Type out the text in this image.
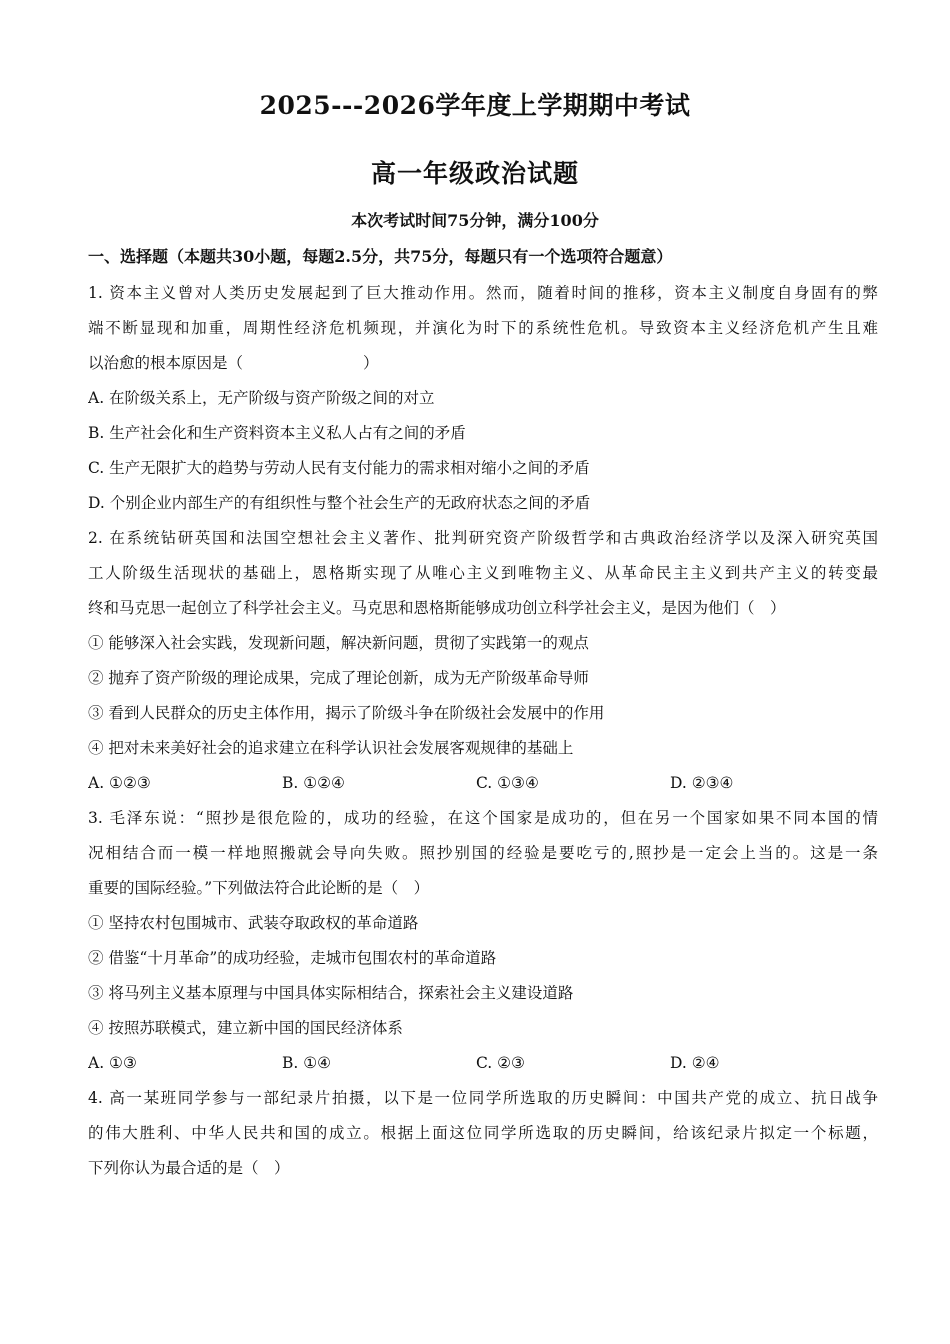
2025---2026学年度上学期期中考试
高一年级政治试题
本次考试时间75分钟，满分100分
一、选择题（本题共30小题，每题2.5分，共75分，每题只有一个选项符合题意）
1. 资本主义曾对人类历史发展起到了巨大推动作用。然而，随着时间的推移，资本主义制度自身固有的弊
端不断显现和加重，周期性经济危机频现，并演化为时下的系统性危机。导致资本主义经济危机产生且难
以治愈的根本原因是（	）
A. 在阶级关系上，无产阶级与资产阶级之间的对立
B. 生产社会化和生产资料资本主义私人占有之间的矛盾
C. 生产无限扩大的趋势与劳动人民有支付能力的需求相对缩小之间的矛盾
D. 个别企业内部生产的有组织性与整个社会生产的无政府状态之间的矛盾
2. 在系统钻研英国和法国空想社会主义著作、批判研究资产阶级哲学和古典政治经济学以及深入研究英国
工人阶级生活现状的基础上，恩格斯实现了从唯心主义到唯物主义、从革命民主主义到共产主义的转变最
终和马克思一起创立了科学社会主义。马克思和恩格斯能够成功创立科学社会主义，是因为他们（　）
① 能够深入社会实践，发现新问题，解决新问题，贯彻了实践第一的观点
② 抛弃了资产阶级的理论成果，完成了理论创新，成为无产阶级革命导师
③ 看到人民群众的历史主体作用，揭示了阶级斗争在阶级社会发展中的作用
④ 把对未来美好社会的追求建立在科学认识社会发展客观规律的基础上
A. ①②③	B. ①②④	C. ①③④	D. ②③④
3. 毛泽东说：“照抄是很危险的，成功的经验，在这个国家是成功的，但在另一个国家如果不同本国的情
况相结合而一模一样地照搬就会导向失败。照抄别国的经验是要吃亏的,照抄是一定会上当的。这是一条
重要的国际经验。”下列做法符合此论断的是（　）
① 坚持农村包围城市、武装夺取政权的革命道路
② 借鉴“十月革命”的成功经验，走城市包围农村的革命道路
③ 将马列主义基本原理与中国具体实际相结合，探索社会主义建设道路
④ 按照苏联模式，建立新中国的国民经济体系
A. ①③	B. ①④	C. ②③	D. ②④
4. 高一某班同学参与一部纪录片拍摄，以下是一位同学所选取的历史瞬间：中国共产党的成立、抗日战争
的伟大胜利、中华人民共和国的成立。根据上面这位同学所选取的历史瞬间，给该纪录片拟定一个标题，
下列你认为最合适的是（　）
